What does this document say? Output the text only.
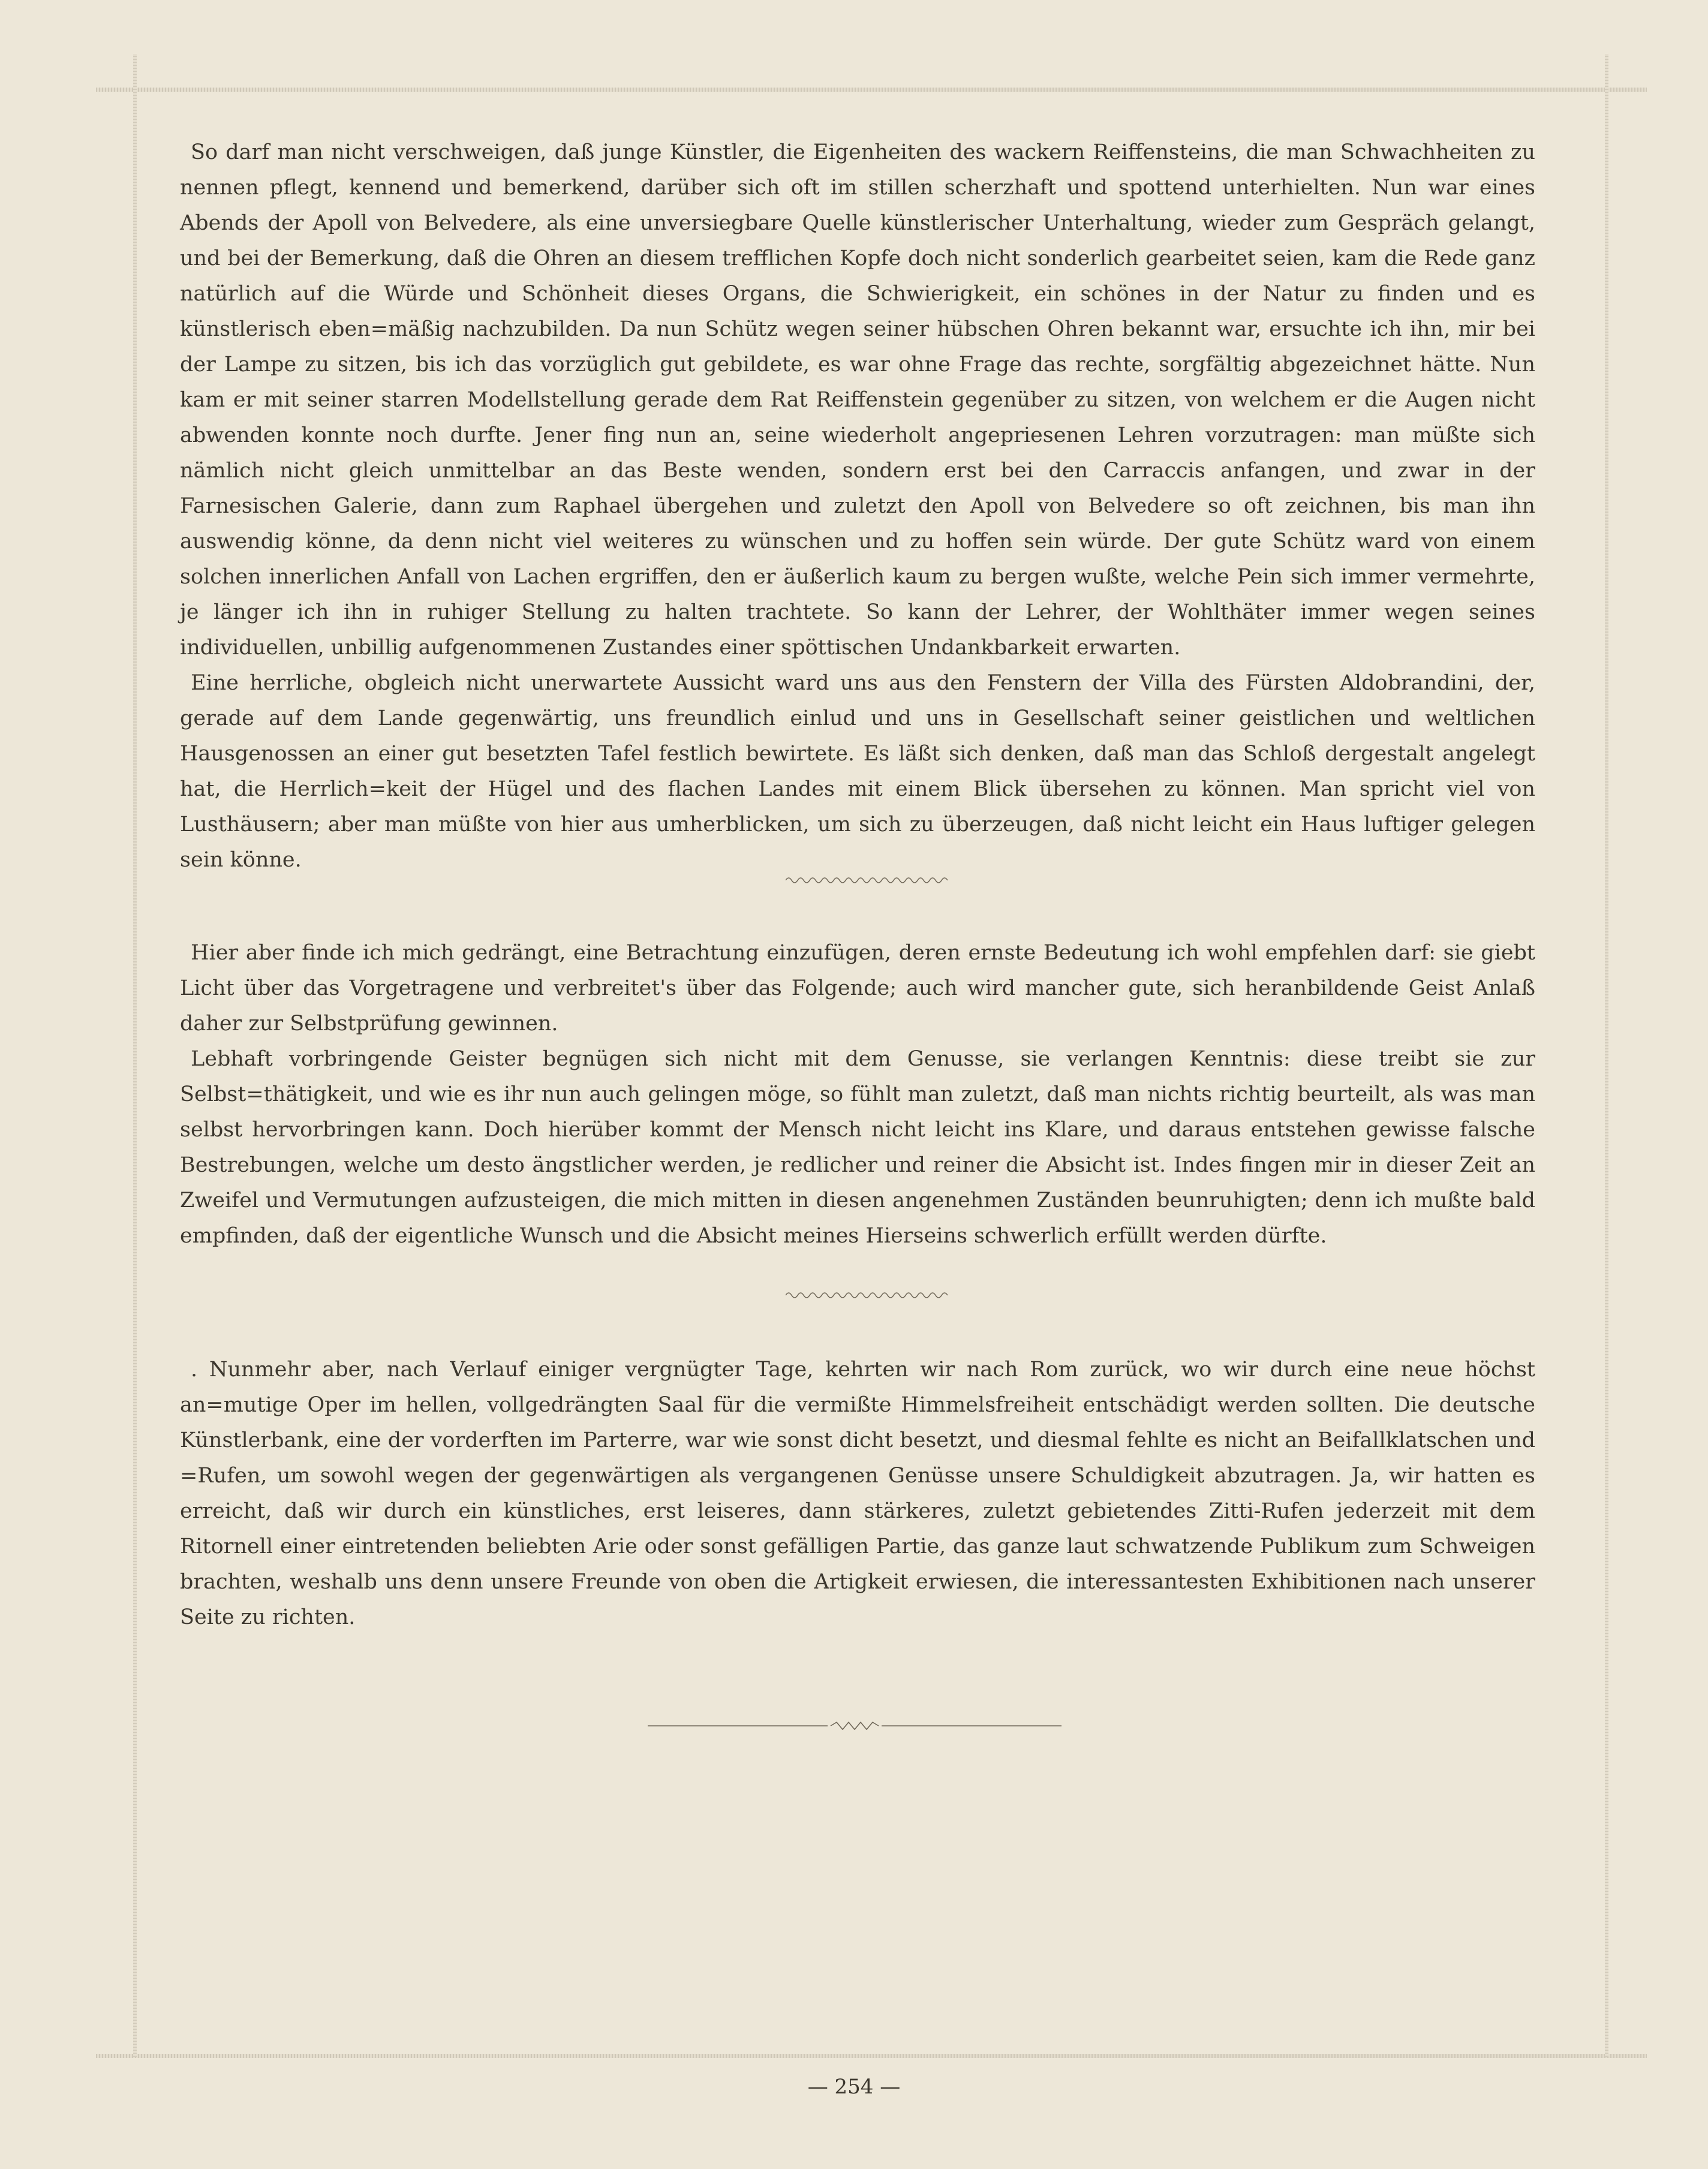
So darf man nicht verschweigen, daß junge Künstler, die Eigenheiten des wackern Reiffensteins, die man Schwachheiten zu nennen pflegt, kennend und bemerkend, darüber sich oft im stillen scherzhaft und spottend unterhielten. Nun war eines Abends der Apoll von Belvedere, als eine unversiegbare Quelle künstlerischer Unterhaltung, wieder zum Gespräch gelangt, und bei der Bemerkung, daß die Ohren an diesem trefflichen Kopfe doch nicht sonderlich gearbeitet seien, kam die Rede ganz natürlich auf die Würde und Schönheit dieses Organs, die Schwierigkeit, ein schönes in der Natur zu finden und es künstlerisch eben=mäßig nachzubilden. Da nun Schütz wegen seiner hübschen Ohren bekannt war, ersuchte ich ihn, mir bei der Lampe zu sitzen, bis ich das vorzüglich gut gebildete, es war ohne Frage das rechte, sorgfältig abgezeichnet hätte. Nun kam er mit seiner starren Modellstellung gerade dem Rat Reiffenstein gegenüber zu sitzen, von welchem er die Augen nicht abwenden konnte noch durfte. Jener fing nun an, seine wiederholt angepriesenen Lehren vorzutragen: man müßte sich nämlich nicht gleich unmittelbar an das Beste wenden, sondern erst bei den Carraccis anfangen, und zwar in der Farnesischen Galerie, dann zum Raphael übergehen und zuletzt den Apoll von Belvedere so oft zeichnen, bis man ihn auswendig könne, da denn nicht viel weiteres zu wünschen und zu hoffen sein würde. Der gute Schütz ward von einem solchen innerlichen Anfall von Lachen ergriffen, den er äußerlich kaum zu bergen wußte, welche Pein sich immer vermehrte, je länger ich ihn in ruhiger Stellung zu halten trachtete. So kann der Lehrer, der Wohlthäter immer wegen seines individuellen, unbillig aufgenommenen Zustandes einer spöttischen Undankbarkeit erwarten.

Eine herrliche, obgleich nicht unerwartete Aussicht ward uns aus den Fenstern der Villa des Fürsten Aldobrandini, der, gerade auf dem Lande gegenwärtig, uns freundlich einlud und uns in Gesellschaft seiner geistlichen und weltlichen Hausgenossen an einer gut besetzten Tafel festlich bewirtete. Es läßt sich denken, daß man das Schloß dergestalt angelegt hat, die Herrlich=keit der Hügel und des flachen Landes mit einem Blick übersehen zu können. Man spricht viel von Lusthäusern; aber man müßte von hier aus umherblicken, um sich zu überzeugen, daß nicht leicht ein Haus luftiger gelegen sein könne.

Hier aber finde ich mich gedrängt, eine Betrachtung einzufügen, deren ernste Bedeutung ich wohl empfehlen darf: sie giebt Licht über das Vorgetragene und verbreitet's über das Folgende; auch wird mancher gute, sich heranbildende Geist Anlaß daher zur Selbstprüfung gewinnen.

Lebhaft vorbringende Geister begnügen sich nicht mit dem Genusse, sie verlangen Kenntnis: diese treibt sie zur Selbst=thätigkeit, und wie es ihr nun auch gelingen möge, so fühlt man zuletzt, daß man nichts richtig beurteilt, als was man selbst hervorbringen kann. Doch hierüber kommt der Mensch nicht leicht ins Klare, und daraus entstehen gewisse falsche Bestrebungen, welche um desto ängstlicher werden, je redlicher und reiner die Absicht ist. Indes fingen mir in dieser Zeit an Zweifel und Vermutungen aufzusteigen, die mich mitten in diesen angenehmen Zuständen beunruhigten; denn ich mußte bald empfinden, daß der eigentliche Wunsch und die Absicht meines Hierseins schwerlich erfüllt werden dürfte.

. Nunmehr aber, nach Verlauf einiger vergnügter Tage, kehrten wir nach Rom zurück, wo wir durch eine neue höchst an=mutige Oper im hellen, vollgedrängten Saal für die vermißte Himmelsfreiheit entschädigt werden sollten. Die deutsche Künstlerbank, eine der vorderften im Parterre, war wie sonst dicht besetzt, und diesmal fehlte es nicht an Beifallklatschen und =Rufen, um sowohl wegen der gegenwärtigen als vergangenen Genüsse unsere Schuldigkeit abzutragen. Ja, wir hatten es erreicht, daß wir durch ein künstliches, erst leiseres, dann stärkeres, zuletzt gebietendes Zitti-Rufen jederzeit mit dem Ritornell einer eintretenden beliebten Arie oder sonst gefälligen Partie, das ganze laut schwatzende Publikum zum Schweigen brachten, weshalb uns denn unsere Freunde von oben die Artigkeit erwiesen, die interessantesten Exhibitionen nach unserer Seite zu richten.

— 254 —
